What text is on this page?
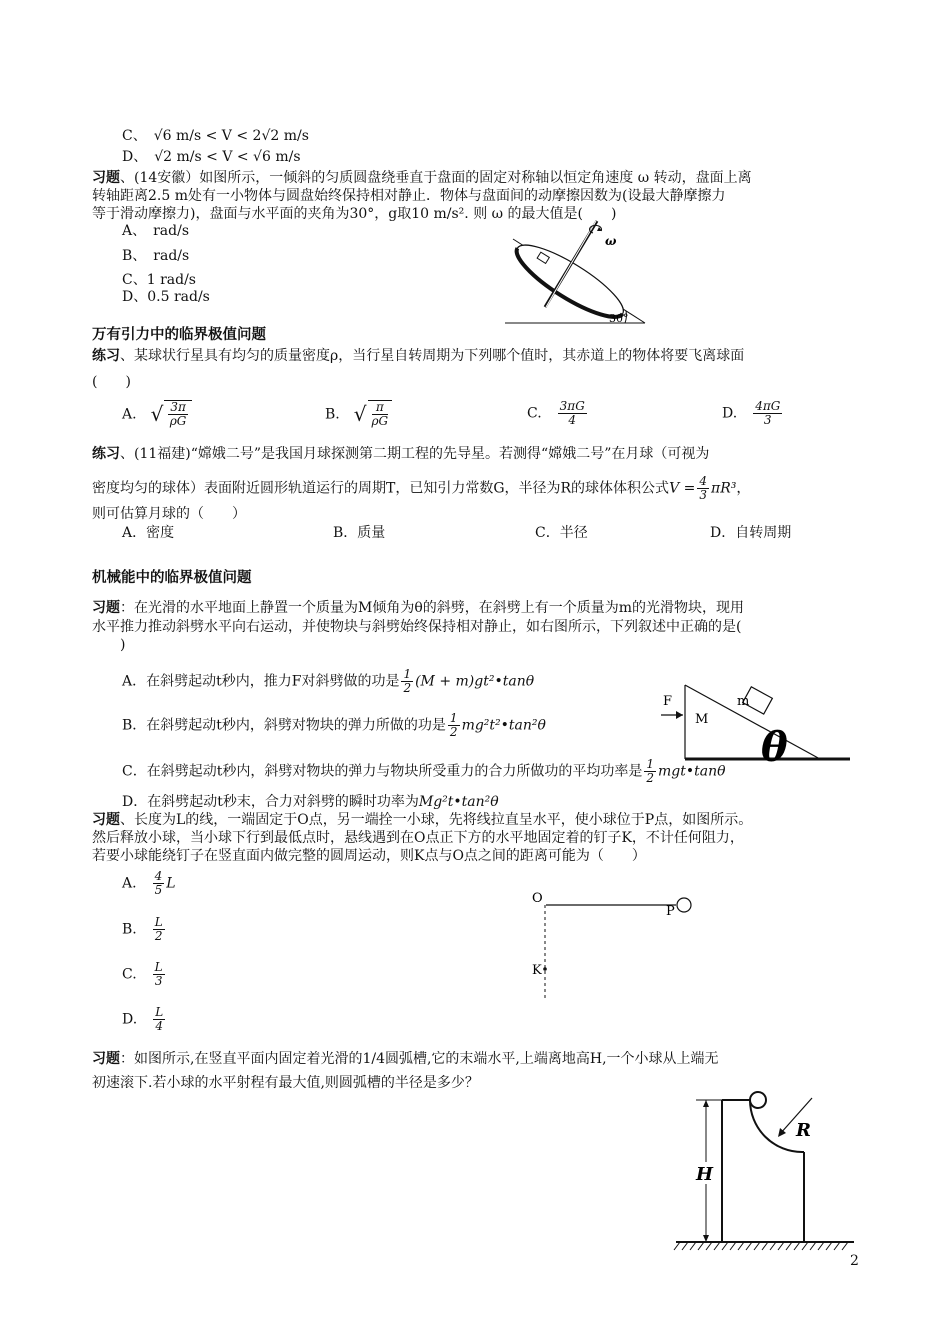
C、　 √6 m/s < V < 2√2 m/s
D、　 √2 m/s < V < √6 m/s
习题、(14安徽）如图所示，一倾斜的匀质圆盘绕垂直于盘面的固定对称轴以恒定角速度 ω 转动，盘面上离
转轴距离2.5 m处有一小物体与圆盘始终保持相对静止．物体与盘面间的动摩擦因数为(设最大静摩擦力
等于滑动摩擦力)，盘面与水平面的夹角为30°，g取10 m/s². 则 ω 的最大值是(　　)
A、　rad/s
B、　rad/s
C、1 rad/s
D、0.5 rad/s
ω
30°
万有引力中的临界极值问题
练习、某球状行星具有均匀的质量密度ρ，当行星自转周期为下列哪个值时，其赤道上的物体将要飞离球面
(　　)
A.　 √ $\frac{3\pi}{\rho G}$	B.　 √ $\frac{\pi}{\rho G}$	C.　 $\frac{3\pi G}{4}$	D.　 $\frac{4\pi G}{3}$
练习、(11福建)“嫦娥二号”是我国月球探测第二期工程的先导星。若测得“嫦娥二号”在月球（可视为
密度均匀的球体）表面附近圆形轨道运行的周期T，已知引力常数G，半径为R的球体体积公式$V = \frac{4}{3} \pi R^3$，
则可估算月球的（　　）
A．密度	B．质量	C．半径	D．自转周期
机械能中的临界极值问题
习题：在光滑的水平地面上静置一个质量为M倾角为θ的斜劈，在斜劈上有一个质量为m的光滑物块，现用
水平推力推动斜劈水平向右运动，并使物块与斜劈始终保持相对静止，如右图所示，下列叙述中正确的是(
　　)
A．在斜劈起动t秒内，推力F对斜劈做的功是 $\frac{1}{2} (M$ + m)gt²•tanθ
B．在斜劈起动t秒内，斜劈对物块的弹力所做的功是 $\frac{1}{2}$ mg²t²•tan²θ
C．在斜劈起动t秒内，斜劈对物块的弹力与物块所受重力的合力所做功的平均功率是 $\frac{1}{2}$ mgt•tanθ
D．在斜劈起动t秒末，合力对斜劈的瞬时功率为Mg²t•tan²θ
F	m
M
θ
习题、长度为L的线，一端固定于O点，另一端拴一小球，先将线拉直呈水平，使小球位于P点，如图所示。
然后释放小球，当小球下行到最低点时，悬线遇到在O点正下方的水平地固定着的钉子K，不计任何阻力，
若要小球能绕钉子在竖直面内做完整的圆周运动，则K点与O点之间的距离可能为（　　）
A.　 $\frac{4}{5}$ L
B.　 $\frac{L}{2}$
C.　 $\frac{L}{3}$
D.　 $\frac{L}{4}$
O
P
K
习题：如图所示,在竖直平面内固定着光滑的1/4圆弧槽,它的末端水平,上端离地高H,一个小球从上端无
初速滚下.若小球的水平射程有最大值,则圆弧槽的半径是多少？
R
H
2
